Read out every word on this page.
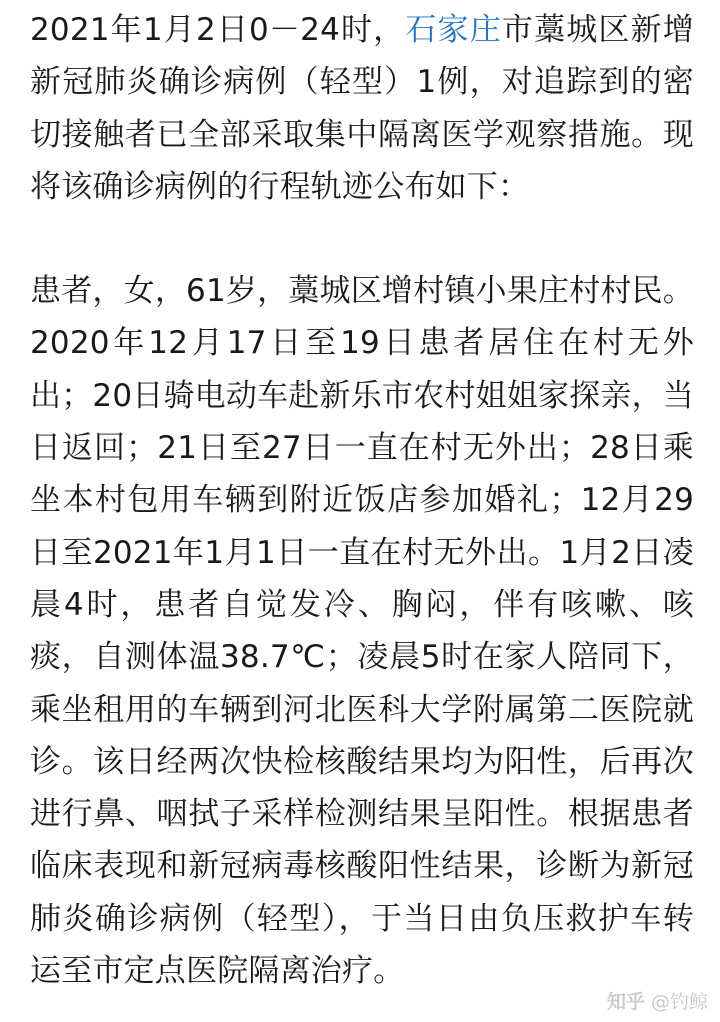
2021年1月2日0－24时，石家庄市藁城区新增新冠肺炎确诊病例（轻型）1例，对追踪到的密切接触者已全部采取集中隔离医学观察措施。现将该确诊病例的行程轨迹公布如下：

患者，女，61岁，藁城区增村镇小果庄村村民。2020年12月17日至19日患者居住在村无外出；20日骑电动车赴新乐市农村姐姐家探亲，当日返回；21日至27日一直在村无外出；28日乘坐本村包用车辆到附近饭店参加婚礼；12月29日至2021年1月1日一直在村无外出。1月2日凌晨4时，患者自觉发冷、胸闷，伴有咳嗽、咳痰，自测体温38.7℃；凌晨5时在家人陪同下，乘坐租用的车辆到河北医科大学附属第二医院就诊。该日经两次快检核酸结果均为阳性，后再次进行鼻、咽拭子采样检测结果呈阳性。根据患者临床表现和新冠病毒核酸阳性结果，诊断为新冠肺炎确诊病例（轻型），于当日由负压救护车转运至市定点医院隔离治疗。

知乎 @钓鲸
